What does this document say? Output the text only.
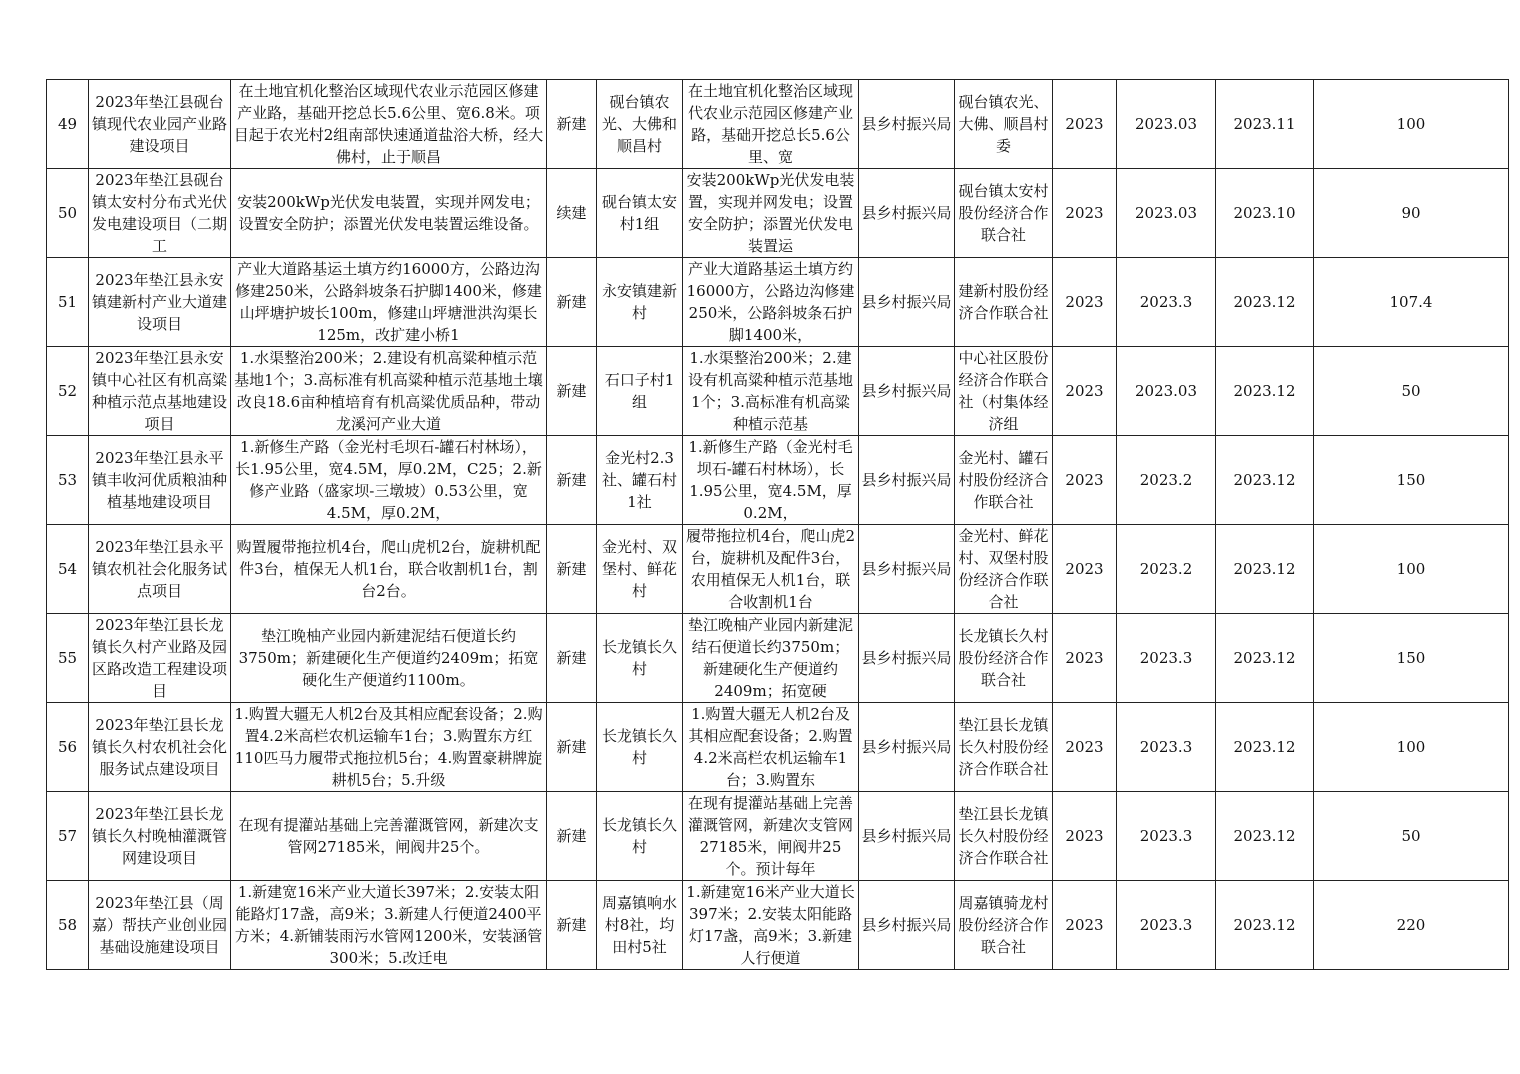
49	2023年垫江县砚台镇现代农业园产业路建设项目	在土地宜机化整治区域现代农业示范园区修建产业路，基础开挖总长5.6公里、宽6.8米。项目起于农光村2组南部快速通道盐浴大桥，经大佛村，止于顺昌	新建	砚台镇农光、大佛和顺昌村	在土地宜机化整治区域现代农业示范园区修建产业路，基础开挖总长5.6公里、宽	县乡村振兴局	砚台镇农光、大佛、顺昌村委	2023	2023.03	2023.11	100

50	2023年垫江县砚台镇太安村分布式光伏发电建设项目（二期工	安装200kWp光伏发电装置，实现并网发电；设置安全防护；添置光伏发电装置运维设备。	续建	砚台镇太安村1组	安装200kWp光伏发电装置，实现并网发电；设置安全防护；添置光伏发电装置运	县乡村振兴局	砚台镇太安村股份经济合作联合社	2023	2023.03	2023.10	90

51	2023年垫江县永安镇建新村产业大道建设项目	产业大道路基运土填方约16000方，公路边沟修建250米，公路斜坡条石护脚1400米，修建山坪塘护坡长100m，修建山坪塘泄洪沟渠长125m，改扩建小桥1	新建	永安镇建新村	产业大道路基运土填方约16000方，公路边沟修建250米，公路斜坡条石护脚1400米，	县乡村振兴局	建新村股份经济合作联合社	2023	2023.3	2023.12	107.4

52	2023年垫江县永安镇中心社区有机高粱种植示范点基地建设项目	1.水渠整治200米；2.建设有机高粱种植示范基地1个；3.高标准有机高粱种植示范基地土壤改良18.6亩种植培育有机高粱优质品种，带动龙溪河产业大道	新建	石口子村1组	1.水渠整治200米；2.建设有机高粱种植示范基地1个；3.高标准有机高粱种植示范基	县乡村振兴局	中心社区股份经济合作联合社（村集体经济组	2023	2023.03	2023.12	50

53	2023年垫江县永平镇丰收河优质粮油种植基地建设项目	1.新修生产路（金光村毛坝石-罐石村林场），长1.95公里，宽4.5M，厚0.2M，C25；2.新修产业路（盛家坝-三墩坡）0.53公里，宽4.5M，厚0.2M，	新建	金光村2.3社、罐石村1社	1.新修生产路（金光村毛坝石-罐石村林场），长1.95公里，宽4.5M，厚0.2M，	县乡村振兴局	金光村、罐石村股份经济合作联合社	2023	2023.2	2023.12	150

54	2023年垫江县永平镇农机社会化服务试点项目	购置履带拖拉机4台，爬山虎机2台，旋耕机配件3台，植保无人机1台，联合收割机1台，割台2台。	新建	金光村、双堡村、鲜花村	履带拖拉机4台，爬山虎2台，旋耕机及配件3台，农用植保无人机1台，联合收割机1台	县乡村振兴局	金光村、鲜花村、双堡村股份经济合作联合社	2023	2023.2	2023.12	100

55	2023年垫江县长龙镇长久村产业路及园区路改造工程建设项目	垫江晚柚产业园内新建泥结石便道长约3750m；新建硬化生产便道约2409m；拓宽硬化生产便道约1100m。	新建	长龙镇长久村	垫江晚柚产业园内新建泥结石便道长约3750m；新建硬化生产便道约2409m；拓宽硬	县乡村振兴局	长龙镇长久村股份经济合作联合社	2023	2023.3	2023.12	150

56	2023年垫江县长龙镇长久村农机社会化服务试点建设项目	1.购置大疆无人机2台及其相应配套设备；2.购置4.2米高栏农机运输车1台；3.购置东方红110匹马力履带式拖拉机5台；4.购置豪耕牌旋耕机5台；5.升级	新建	长龙镇长久村	1.购置大疆无人机2台及其相应配套设备；2.购置4.2米高栏农机运输车1台；3.购置东	县乡村振兴局	垫江县长龙镇长久村股份经济合作联合社	2023	2023.3	2023.12	100

57	2023年垫江县长龙镇长久村晚柚灌溉管网建设项目	在现有提灌站基础上完善灌溉管网，新建次支管网27185米，闸阀井25个。	新建	长龙镇长久村	在现有提灌站基础上完善灌溉管网，新建次支管网27185米，闸阀井25个。预计每年	县乡村振兴局	垫江县长龙镇长久村股份经济合作联合社	2023	2023.3	2023.12	50

58	2023年垫江县（周嘉）帮扶产业创业园基础设施建设项目	1.新建宽16米产业大道长397米；2.安装太阳能路灯17盏，高9米；3.新建人行便道2400平方米；4.新铺装雨污水管网1200米，安装涵管300米；5.改迁电	新建	周嘉镇响水村8社，均田村5社	1.新建宽16米产业大道长397米；2.安装太阳能路灯17盏，高9米；3.新建人行便道	县乡村振兴局	周嘉镇骑龙村股份经济合作联合社	2023	2023.3	2023.12	220
